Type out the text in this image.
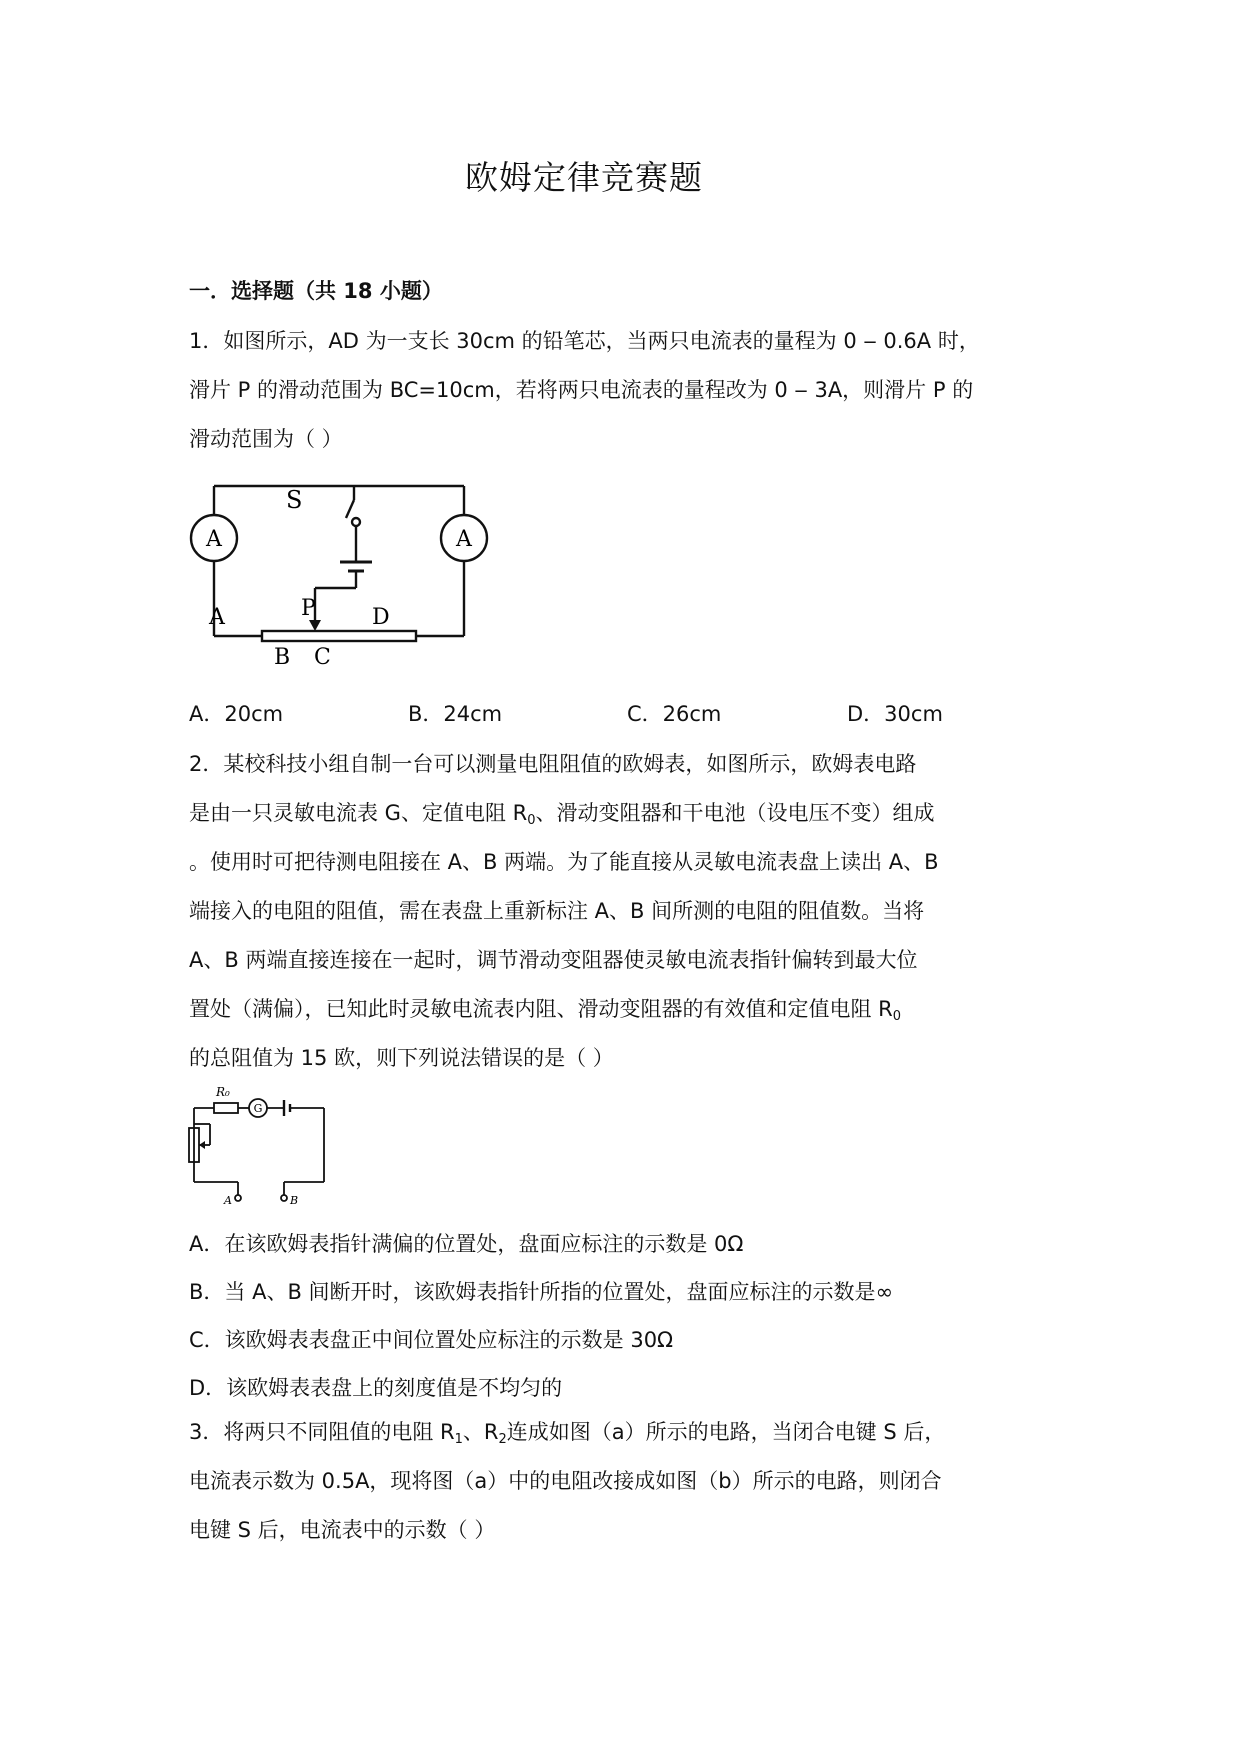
欧姆定律竞赛题
一．选择题（共 18 小题）
1．如图所示，AD 为一支长 30cm 的铅笔芯，当两只电流表的量程为 0 ‒ 0.6A 时，
滑片 P 的滑动范围为 BC=10cm，若将两只电流表的量程改为 0 ‒ 3A，则滑片 P 的
滑动范围为（ ）
A	A
S
A	D
P
B C
A．20cm	B．24cm	C．26cm	D．30cm
2．某校科技小组自制一台可以测量电阻阻值的欧姆表，如图所示，欧姆表电路
是由一只灵敏电流表 G、定值电阻 $R_0$、滑动变阻器和干电池（设电压不变）组成
。使用时可把待测电阻接在 A、B 两端。为了能直接从灵敏电流表盘上读出 A、B
端接入的电阻的阻值，需在表盘上重新标注 A、B 间所测的电阻的阻值数。当将
A、B 两端直接连接在一起时，调节滑动变阻器使灵敏电流表指针偏转到最大位
置处（满偏），已知此时灵敏电流表内阻、滑动变阻器的有效值和定值电阻 $R_0$
的总阻值为 15 欧，则下列说法错误的是（ ）
R₀
G
A	B
A．在该欧姆表指针满偏的位置处，盘面应标注的示数是 0Ω
B．当 A、B 间断开时，该欧姆表指针所指的位置处，盘面应标注的示数是∞
C．该欧姆表表盘正中间位置处应标注的示数是 30Ω
D．该欧姆表表盘上的刻度值是不均匀的
3．将两只不同阻值的电阻 $R_1$、$R_2$连成如图（a）所示的电路，当闭合电键 S 后，
电流表示数为 0.5A，现将图（a）中的电阻改接成如图（b）所示的电路，则闭合
电键 S 后，电流表中的示数（ ）
